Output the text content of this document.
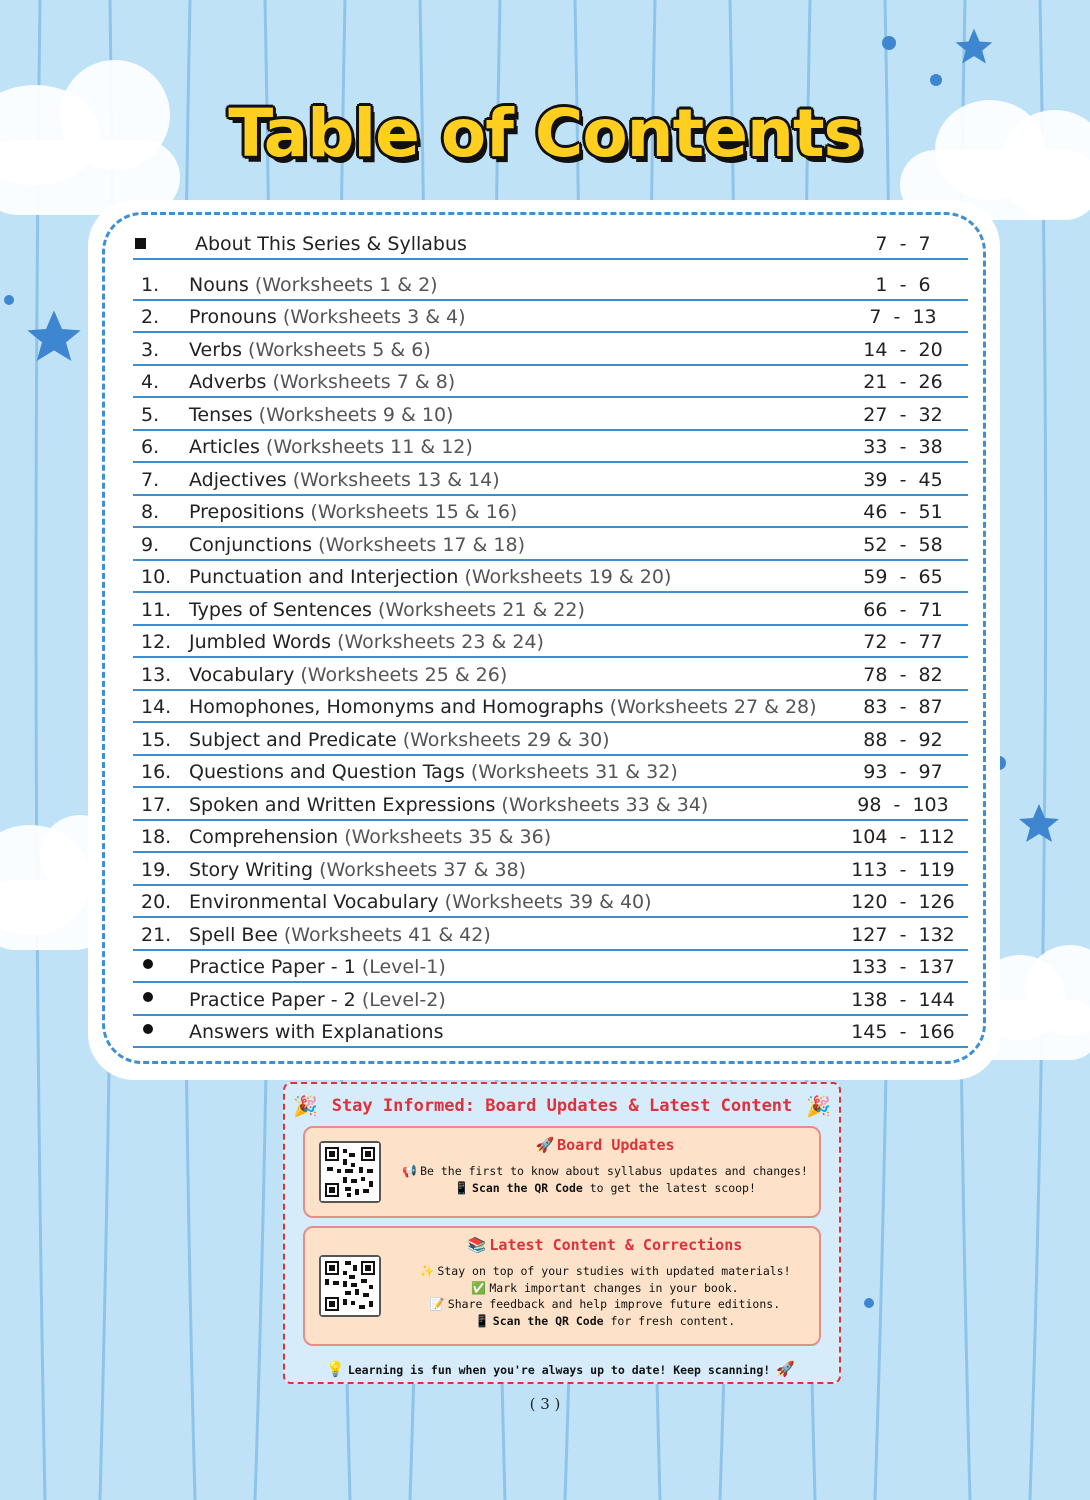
Table of Contents
About This Series & Syllabus	7  -  7
1. Nouns (Worksheets 1 & 2)	1  -  6
2. Pronouns (Worksheets 3 & 4)	7  -  13
3. Verbs (Worksheets 5 & 6)	14  -  20
4. Adverbs (Worksheets 7 & 8)	21  -  26
5. Tenses (Worksheets 9 & 10)	27  -  32
6. Articles (Worksheets 11 & 12)	33  -  38
7. Adjectives (Worksheets 13 & 14)	39  -  45
8. Prepositions (Worksheets 15 & 16)	46  -  51
9. Conjunctions (Worksheets 17 & 18)	52  -  58
10. Punctuation and Interjection (Worksheets 19 & 20)	59  -  65
11. Types of Sentences (Worksheets 21 & 22)	66  -  71
12. Jumbled Words (Worksheets 23 & 24)	72  -  77
13. Vocabulary (Worksheets 25 & 26)	78  -  82
14. Homophones, Homonyms and Homographs (Worksheets 27 & 28)	83  -  87
15. Subject and Predicate (Worksheets 29 & 30)	88  -  92
16. Questions and Question Tags (Worksheets 31 & 32)	93  -  97
17. Spoken and Written Expressions (Worksheets 33 & 34)	98  -  103
18. Comprehension (Worksheets 35 & 36)	104  -  112
19. Story Writing (Worksheets 37 & 38)	113  -  119
20. Environmental Vocabulary (Worksheets 39 & 40)	120  -  126
21. Spell Bee (Worksheets 41 & 42)	127  -  132
Practice Paper - 1 (Level-1)	133  -  137
Practice Paper - 2 (Level-2)	138  -  144
Answers with Explanations	145  -  166
🎉 Stay Informed: Board Updates & Latest Content 🎉
🚀 Board Updates
📢 Be the first to know about syllabus updates and changes!
📱 Scan the QR Code to get the latest scoop!
📚 Latest Content & Corrections
✨ Stay on top of your studies with updated materials!
✅ Mark important changes in your book.
📝 Share feedback and help improve future editions.
📱 Scan the QR Code for fresh content.
💡 Learning is fun when you're always up to date! Keep scanning! 🚀
( 3 )
